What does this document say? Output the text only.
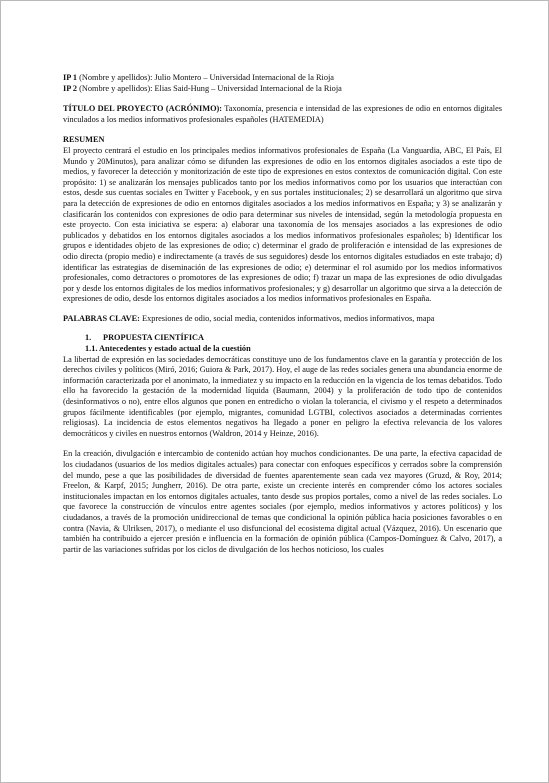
IP 1 (Nombre y apellidos): Julio Montero – Universidad Internacional de la Rioja

IP 2 (Nombre y apellidos): Elias Said-Hung – Universidad Internacional de la Rioja

TÍTULO DEL PROYECTO (ACRÓNIMO): Taxonomía, presencia e intensidad de las expresiones de odio en entornos digitales vinculados a los medios informativos profesionales españoles (HATEMEDIA)

RESUMEN

El proyecto centrará el estudio en los principales medios informativos profesionales de España (La Vanguardia, ABC, El País, El Mundo y 20Minutos), para analizar cómo se difunden las expresiones de odio en los entornos digitales asociados a este tipo de medios, y favorecer la detección y monitorización de este tipo de expresiones en estos contextos de comunicación digital. Con este propósito: 1) se analizarán los mensajes publicados tanto por los medios informativos como por los usuarios que interactúan con estos, desde sus cuentas sociales en Twitter y Facebook, y en sus portales institucionales; 2) se desarrollará un algoritmo que sirva para la detección de expresiones de odio en entornos digitales asociados a los medios informativos en España; y 3) se analizarán y clasificarán los contenidos con expresiones de odio para determinar sus niveles de intensidad, según la metodología propuesta en este proyecto. Con esta iniciativa se espera: a) elaborar una taxonomía de los mensajes asociados a las expresiones de odio publicados y debatidos en los entornos digitales asociados a los medios informativos profesionales españoles; b) Identificar los grupos e identidades objeto de las expresiones de odio; c) determinar el grado de proliferación e intensidad de las expresiones de odio directa (propio medio) e indirectamente (a través de sus seguidores) desde los entornos digitales estudiados en este trabajo; d) identificar las estrategias de diseminación de las expresiones de odio; e) determinar el rol asumido por los medios informativos profesionales, como detractores o promotores de las expresiones de odio; f) trazar un mapa de las expresiones de odio divulgadas por y desde los entornos digitales de los medios informativos profesionales; y g) desarrollar un algoritmo que sirva a la detección de expresiones de odio, desde los entornos digitales asociados a los medios informativos profesionales en España.

PALABRAS CLAVE: Expresiones de odio, social media, contenidos informativos, medios informativos, mapa

1. PROPUESTA CIENTÍFICA

1.1. Antecedentes y estado actual de la cuestión

La libertad de expresión en las sociedades democráticas constituye uno de los fundamentos clave en la garantía y protección de los derechos civiles y políticos (Miró, 2016; Guiora & Park, 2017). Hoy, el auge de las redes sociales genera una abundancia enorme de información caracterizada por el anonimato, la inmediatez y su impacto en la reducción en la vigencia de los temas debatidos. Todo ello ha favorecido la gestación de la modernidad líquida (Baumann, 2004) y la proliferación de todo tipo de contenidos (desinformativos o no), entre ellos algunos que ponen en entredicho o violan la tolerancia, el civismo y el respeto a determinados grupos fácilmente identificables (por ejemplo, migrantes, comunidad LGTBI, colectivos asociados a determinadas corrientes religiosas). La incidencia de estos elementos negativos ha llegado a poner en peligro la efectiva relevancia de los valores democráticos y civiles en nuestros entornos (Waldron, 2014 y Heinze, 2016).

En la creación, divulgación e intercambio de contenido actúan hoy muchos condicionantes. De una parte, la efectiva capacidad de los ciudadanos (usuarios de los medios digitales actuales) para conectar con enfoques específicos y cerrados sobre la comprensión del mundo, pese a que las posibilidades de diversidad de fuentes aparentemente sean cada vez mayores (Gruzd, & Roy, 2014; Freelon, & Karpf, 2015; Jungherr, 2016). De otra parte, existe un creciente interés en comprender cómo los actores sociales institucionales impactan en los entornos digitales actuales, tanto desde sus propios portales, como a nivel de las redes sociales. Lo que favorece la construcción de vínculos entre agentes sociales (por ejemplo, medios informativos y actores políticos) y los ciudadanos, a través de la promoción unidireccional de temas que condicional la opinión pública hacia posiciones favorables o en contra (Navia, & Ulriksen, 2017), o mediante el uso disfuncional del ecosistema digital actual (Vázquez, 2016). Un escenario que también ha contribuido a ejercer presión e influencia en la formación de opinión pública (Campos-Domínguez & Calvo, 2017), a partir de las variaciones sufridas por los ciclos de divulgación de los hechos noticioso, los cuales
